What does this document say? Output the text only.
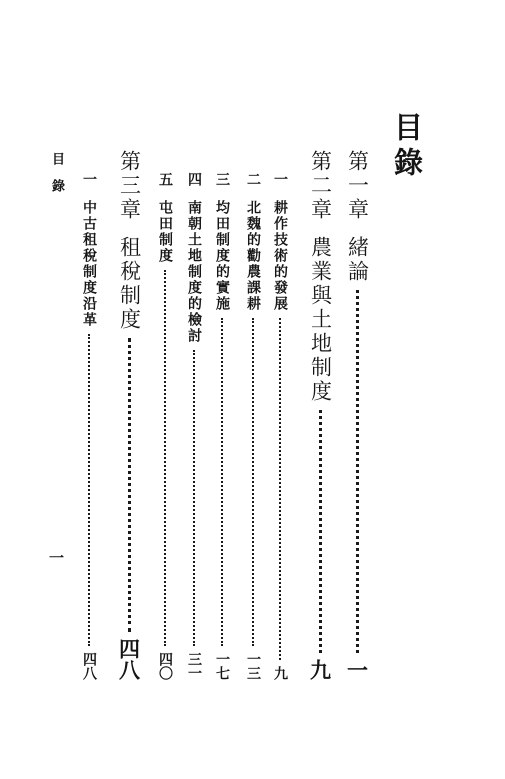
目錄
第一章緒論
一
第二章農業與土地制度
九
一耕作技術的發展
九
二北魏的勸農課耕
一三
三均田制度的實施
一七
四南朝土地制度的檢討
三一
五屯田制度
四〇
第三章租稅制度
四八
一中古租稅制度沿革
四八
目錄
一
